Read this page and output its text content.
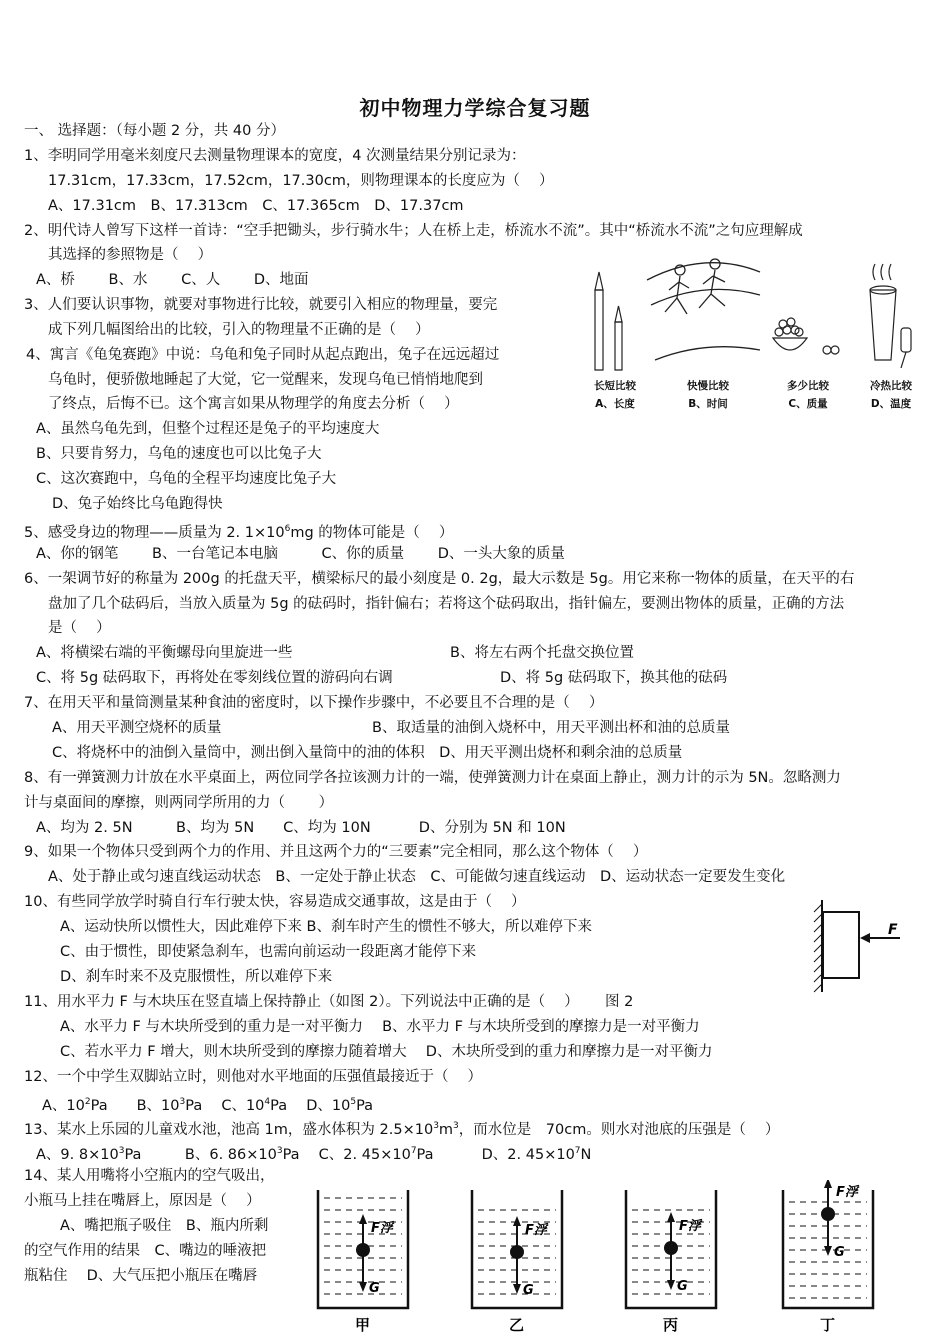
初中物理力学综合复习题
一、 选择题：（每小题 2 分，共 40 分）
1、李明同学用毫米刻度尺去测量物理课本的宽度，4 次测量结果分别记录为：
17.31cm，17.33cm，17.52cm，17.30cm，则物理课本的长度应为（　 ）
A、17.31cm　B、17.313cm　C、17.365cm　D、17.37cm
2、明代诗人曾写下这样一首诗：“空手把锄头，步行骑水牛；人在桥上走，桥流水不流”。其中“桥流水不流”之句应理解成
其选择的参照物是（　 ）
A、桥　　 B、水　　 C、人　　 D、地面
3、人们要认识事物，就要对事物进行比较，就要引入相应的物理量，要完
成下列几幅图给出的比较，引入的物理量不正确的是（　 ）
4、寓言《龟兔赛跑》中说：乌龟和兔子同时从起点跑出，兔子在远远超过
乌龟时，便骄傲地睡起了大觉，它一觉醒来，发现乌龟已悄悄地爬到
了终点，后悔不已。这个寓言如果从物理学的角度去分析（　 ）
A、虽然乌龟先到，但整个过程还是兔子的平均速度大
B、只要肯努力，乌龟的速度也可以比兔子大
C、这次赛跑中，乌龟的全程平均速度比兔子大
D、兔子始终比乌龟跑得快
5、感受身边的物理——质量为 2. $1\times 10^6mg$ 的物体可能是（　 ）
A、你的钢笔　　 B、一台笔记本电脑　　　C、你的质量　　 D、一头大象的质量
6、一架调节好的称量为 200g 的托盘天平，横梁标尺的最小刻度是 0. 2g，最大示数是 5g。用它来称一物体的质量，在天平的右
盘加了几个砝码后，当放入质量为 5g 的砝码时，指针偏右；若将这个砝码取出，指针偏左，要测出物体的质量，正确的方法
是（　 ）
A、将横梁右端的平衡螺母向里旋进一些	B、将左右两个托盘交换位置
C、将 5g 砝码取下，再将处在零刻线位置的游码向右调	D、将 5g 砝码取下，换其他的砝码
7、在用天平和量筒测量某种食油的密度时，以下操作步骤中，不必要且不合理的是（　 ）
A、用天平测空烧杯的质量	B、取适量的油倒入烧杯中，用天平测出杯和油的总质量
C、将烧杯中的油倒入量筒中，测出倒入量筒中的油的体积　D、用天平测出烧杯和剩余油的总质量
8、有一弹簧测力计放在水平桌面上，两位同学各拉该测力计的一端，使弹簧测力计在桌面上静止，测力计的示为 5N。忽略测力
计与桌面间的摩擦，则两同学所用的力（　　 ）
A、均为 2. 5N　　　B、均为 5N　　C、均为 10N　　　 D、分别为 5N 和 10N
9、如果一个物体只受到两个力的作用、并且这两个力的“三要素”完全相同，那么这个物体（　 ）
A、处于静止或匀速直线运动状态　B、一定处于静止状态　C、可能做匀速直线运动　D、运动状态一定要发生变化
10、有些同学放学时骑自行车行驶太快，容易造成交通事故，这是由于（　 ）
A、运动快所以惯性大，因此难停下来 B、刹车时产生的惯性不够大，所以难停下来
C、由于惯性，即使紧急刹车，也需向前运动一段距离才能停下来
D、刹车时来不及克服惯性，所以难停下来
11、用水平力 F 与木块压在竖直墙上保持静止（如图 2）。下列说法中正确的是（　 ）　　 图 2
A、水平力 F 与木块所受到的重力是一对平衡力　 B、水平力 F 与木块所受到的摩擦力是一对平衡力
C、若水平力 F 增大，则木块所受到的摩擦力随着增大　 D、木块所受到的重力和摩擦力是一对平衡力
12、一个中学生双脚站立时，则他对水平地面的压强值最接近于（　 ）
A、$10^2Pa$　　B、$10^3Pa$　 C、$10^4Pa$　 D、$10^5Pa$
13、某水上乐园的儿童戏水池，池高 1m，盛水体积为 $2.5\times 10^3m^3$，而水位是　70cm。则水对池底的压强是（　 ）
A、9. $8\times 10^3Pa$　　　B、6. $86\times 10^3Pa$　 C、2. $45\times 10^7Pa$　　　 D、2. $45\times 10^7N$
14、某人用嘴将小空瓶内的空气吸出，
小瓶马上挂在嘴唇上，原因是（　 ）
A、嘴把瓶子吸住　B、瓶内所剩
的空气作用的结果　C、嘴边的唾液把
瓶粘住　 D、大气压把小瓶压在嘴唇
长短比较
A、长度
快慢比较
B、时间
多少比较
C、质量
冷热比较
D、温度
F
F浮
G
甲
F浮
G
乙
F浮
G
丙
F浮
G
丁
